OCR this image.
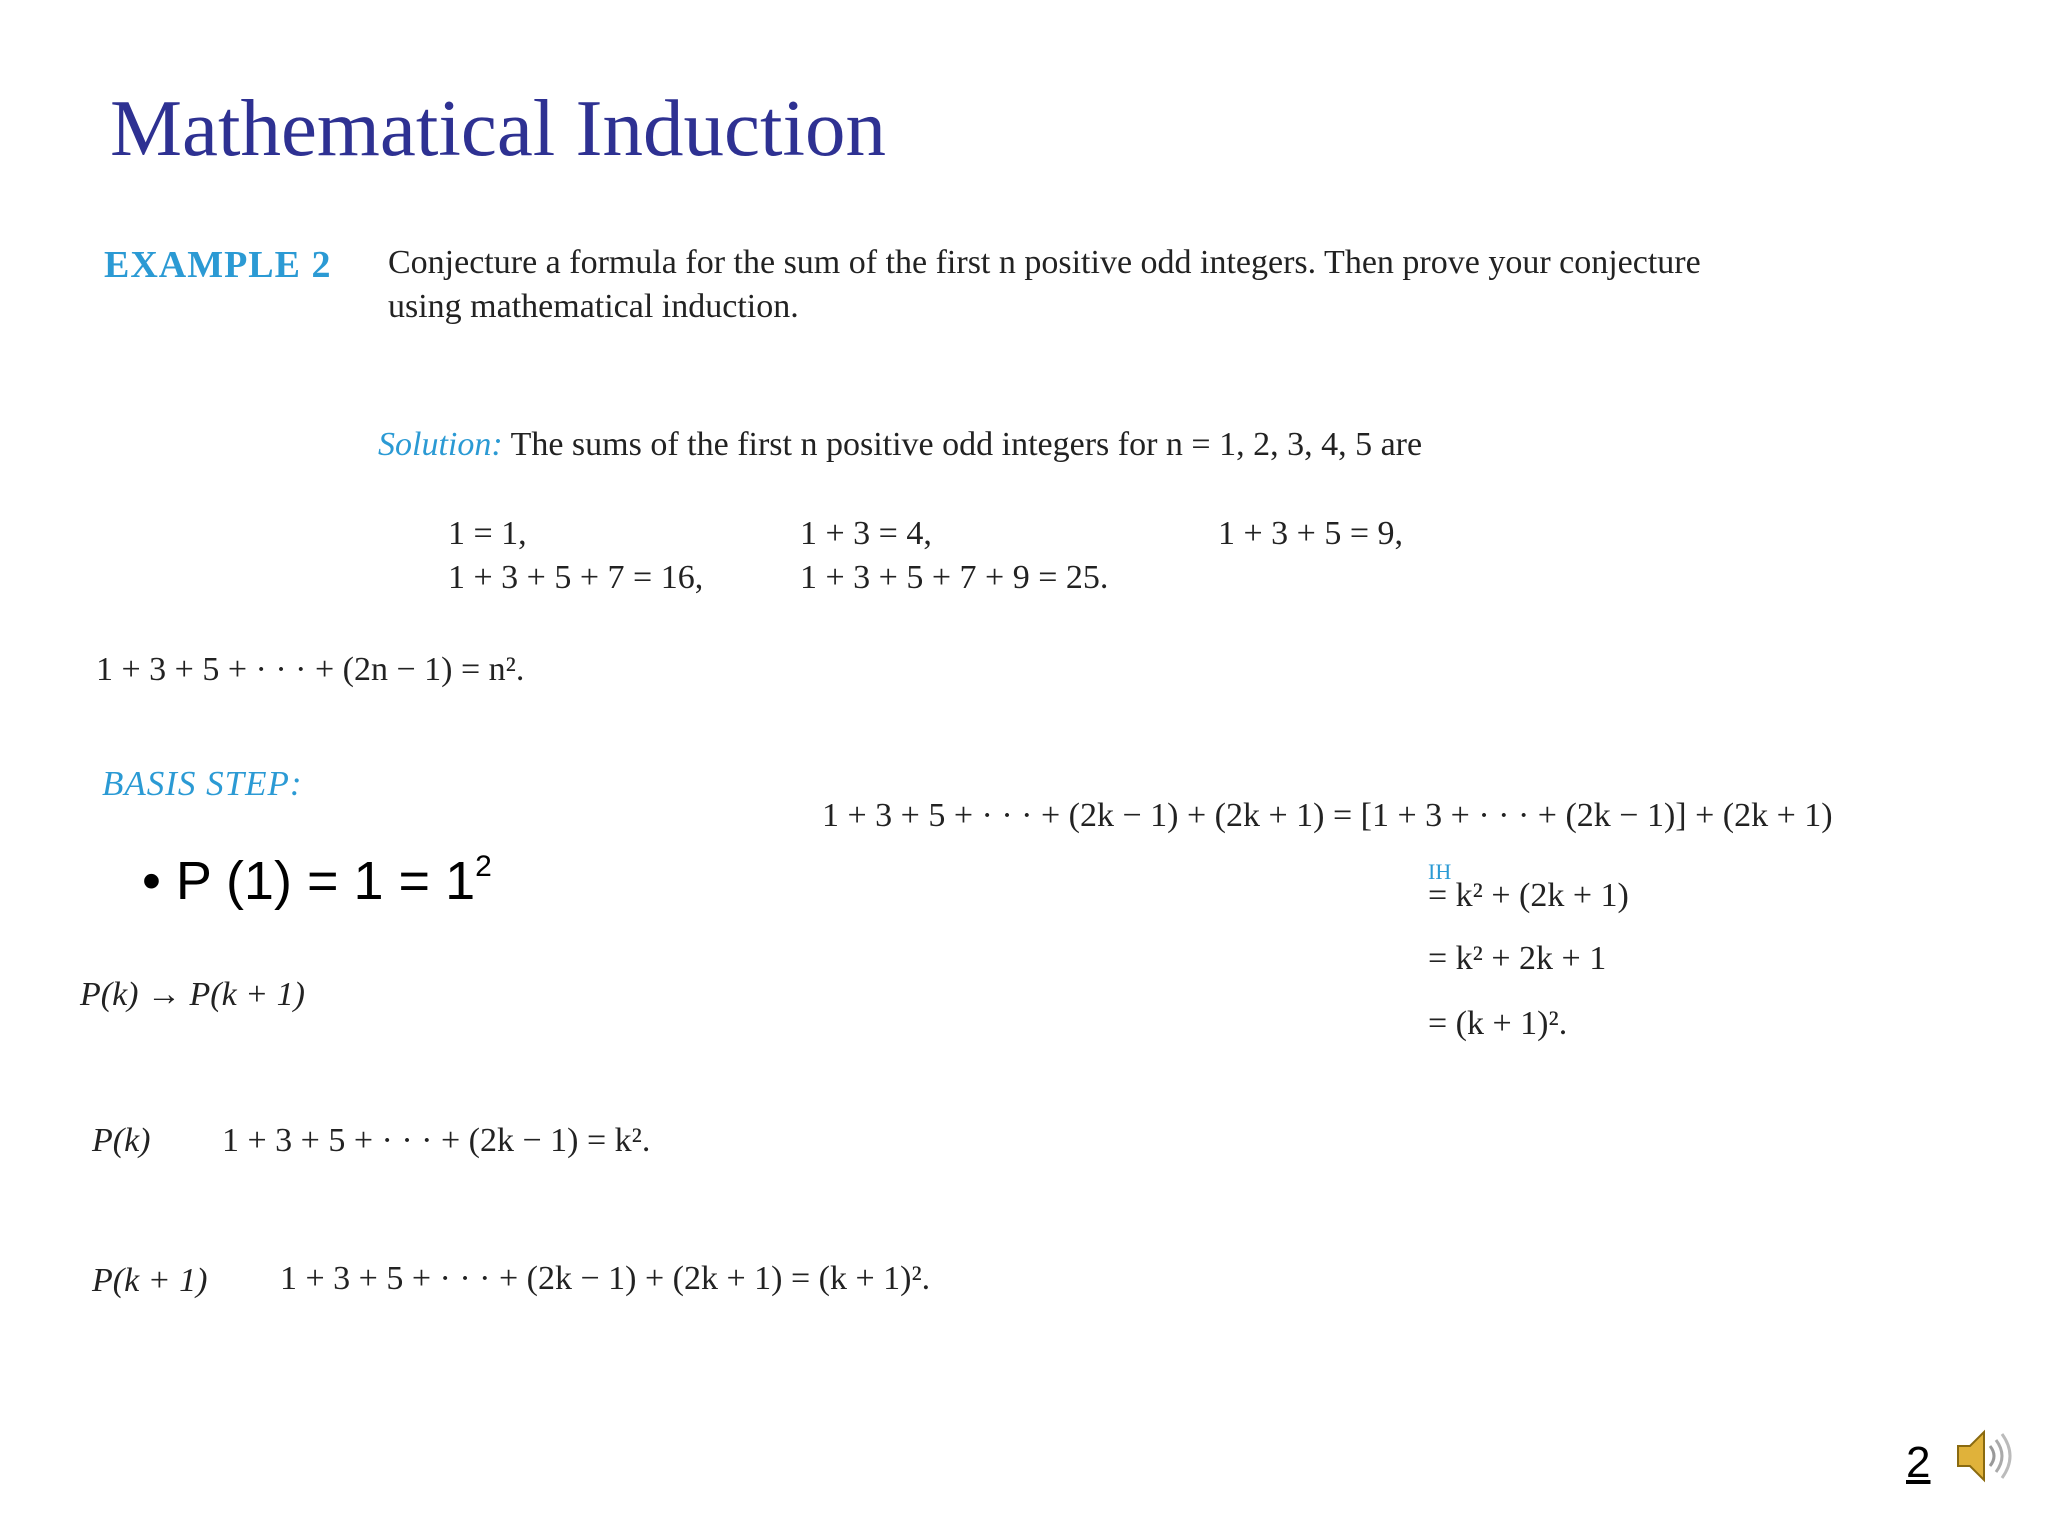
Mathematical Induction
EXAMPLE 2 Conjecture a formula for the sum of the first n positive odd integers. Then prove your conjecture
using mathematical induction.
Solution: The sums of the first n positive odd integers for n = 1, 2, 3, 4, 5 are
1 = 1,	1 + 3 = 4,	1 + 3 + 5 = 9,
1 + 3 + 5 + 7 = 16,	1 + 3 + 5 + 7 + 9 = 25.
1 + 3 + 5 + · · · + (2n − 1) = n².
BASIS STEP:
• P $(1) = 1 = 1^2$
P(k) → P(k + 1)
P(k) 1 + 3 + 5 + · · · + (2k − 1) = k².
P(k + 1) 1 + 3 + 5 + · · · + (2k − 1) + (2k + 1) = (k + 1)².
1 + 3 + 5 + · · · + (2k − 1) + (2k + 1) = [1 + 3 + · · · + (2k − 1)] + (2k + 1)
IH
= k² + (2k + 1)
= k² + 2k + 1
= (k + 1)².
2
